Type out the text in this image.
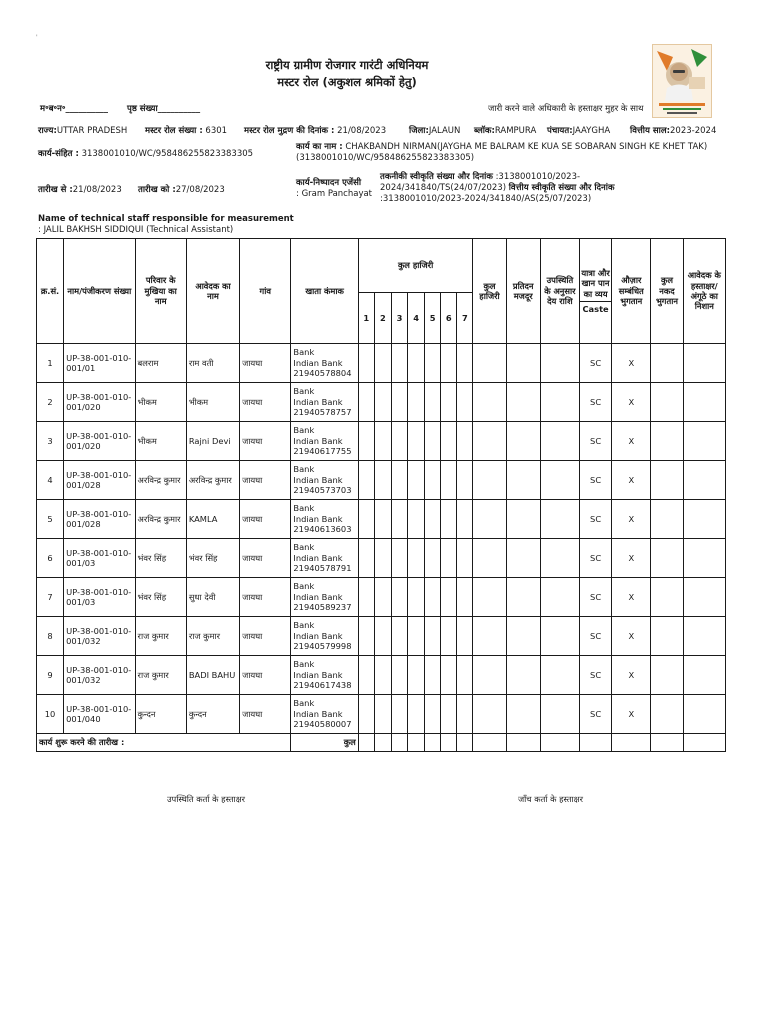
'
राष्ट्रीय ग्रामीण रोजगार गारंटी अधिनियम
मस्टर रोल (अकुशल श्रमिकों हेतु)
म॰ब॰न॰__________ पृष्ठ संख्या__________	जारी करने वाले अधिकारी के हस्ताक्षर मुहर के साथ
राज्य:UTTAR PRADESH मस्टर रोल संख्या : 6301 मस्टर रोल मुद्रण की दिनांक : 21/08/2023	जिला:JALAUN ब्लॉक:RAMPURA पंचायत:JAAYGHA वित्तीय साल:2023-2024
कार्य-संहित : 3138001010/WC/958486255823383305
कार्य का नाम : CHAKBANDH NIRMAN(JAYGHA ME BALRAM KE KUA SE SOBARAN SINGH KE KHET TAK)(3138001010/WC/958486255823383305)
तारीख से :21/08/2023 तारीख को :27/08/2023
कार्य-निष्पादन एजेंसी
: Gram Panchayat
तकनीकी स्वीकृति संख्या और दिनांक :3138001010/2023-2024/341840/TS(24/07/2023) वित्तीय स्वीकृति संख्या और दिनांक :3138001010/2023-2024/341840/AS(25/07/2023)
Name of technical staff responsible for measurement : JALIL BAKHSH SIDDIQUI (Technical Assistant)
क्र.सं.	नाम/पंजीकरण संख्या	परिवार के मुखिया का नाम	आवेदक का नाम	गांव	खाता कंमाक	कुल हाजिरी							कुल हाजिरी	प्रतिदन मजदूर	उपस्थिति के अनुसार देय राशि	यात्रा और खान पान का व्यय
Caste	औज़ार सम्बंधित भुगतान	कुल नकद भुगतान	आवेदक के हस्ताक्षर/ अंगूठे का निशान
						1	2	3	4	5	6	7							
1	UP-38-001-010-001/01	बलराम	राम वती	जायघा	Bank
Indian Bank
21940578804											SC	X		
2	UP-38-001-010-001/020	भीकम	भीकम	जायघा	Bank
Indian Bank
21940578757											SC	X		
3	UP-38-001-010-001/020	भीकम	Rajni Devi	जायघा	Bank
Indian Bank
21940617755											SC	X		
4	UP-38-001-010-001/028	अरविन्द्र कुमार	अरविन्द्र कुमार	जायघा	Bank
Indian Bank
21940573703											SC	X		
5	UP-38-001-010-001/028	अरविन्द्र कुमार	KAMLA	जायघा	Bank
Indian Bank
21940613603											SC	X		
6	UP-38-001-010-001/03	भंवर सिंह	भंवर सिंह	जायघा	Bank
Indian Bank
21940578791											SC	X		
7	UP-38-001-010-001/03	भंवर सिंह	सुधा देवी	जायघा	Bank
Indian Bank
21940589237											SC	X		
8	UP-38-001-010-001/032	राज कुमार	राज कुमार	जायघा	Bank
Indian Bank
21940579998											SC	X		
9	UP-38-001-010-001/032	राज कुमार	BADI BAHU	जायघा	Bank
Indian Bank
21940617438											SC	X		
10	UP-38-001-010-001/040	कुन्दन	कुन्दन	जायघा	Bank
Indian Bank
21940580007											SC	X		
कार्य शुरू करने की तारीख :					कुल														
उपस्थिति कर्ता के हस्ताक्षर	जाँच कर्ता के हस्ताक्षर
